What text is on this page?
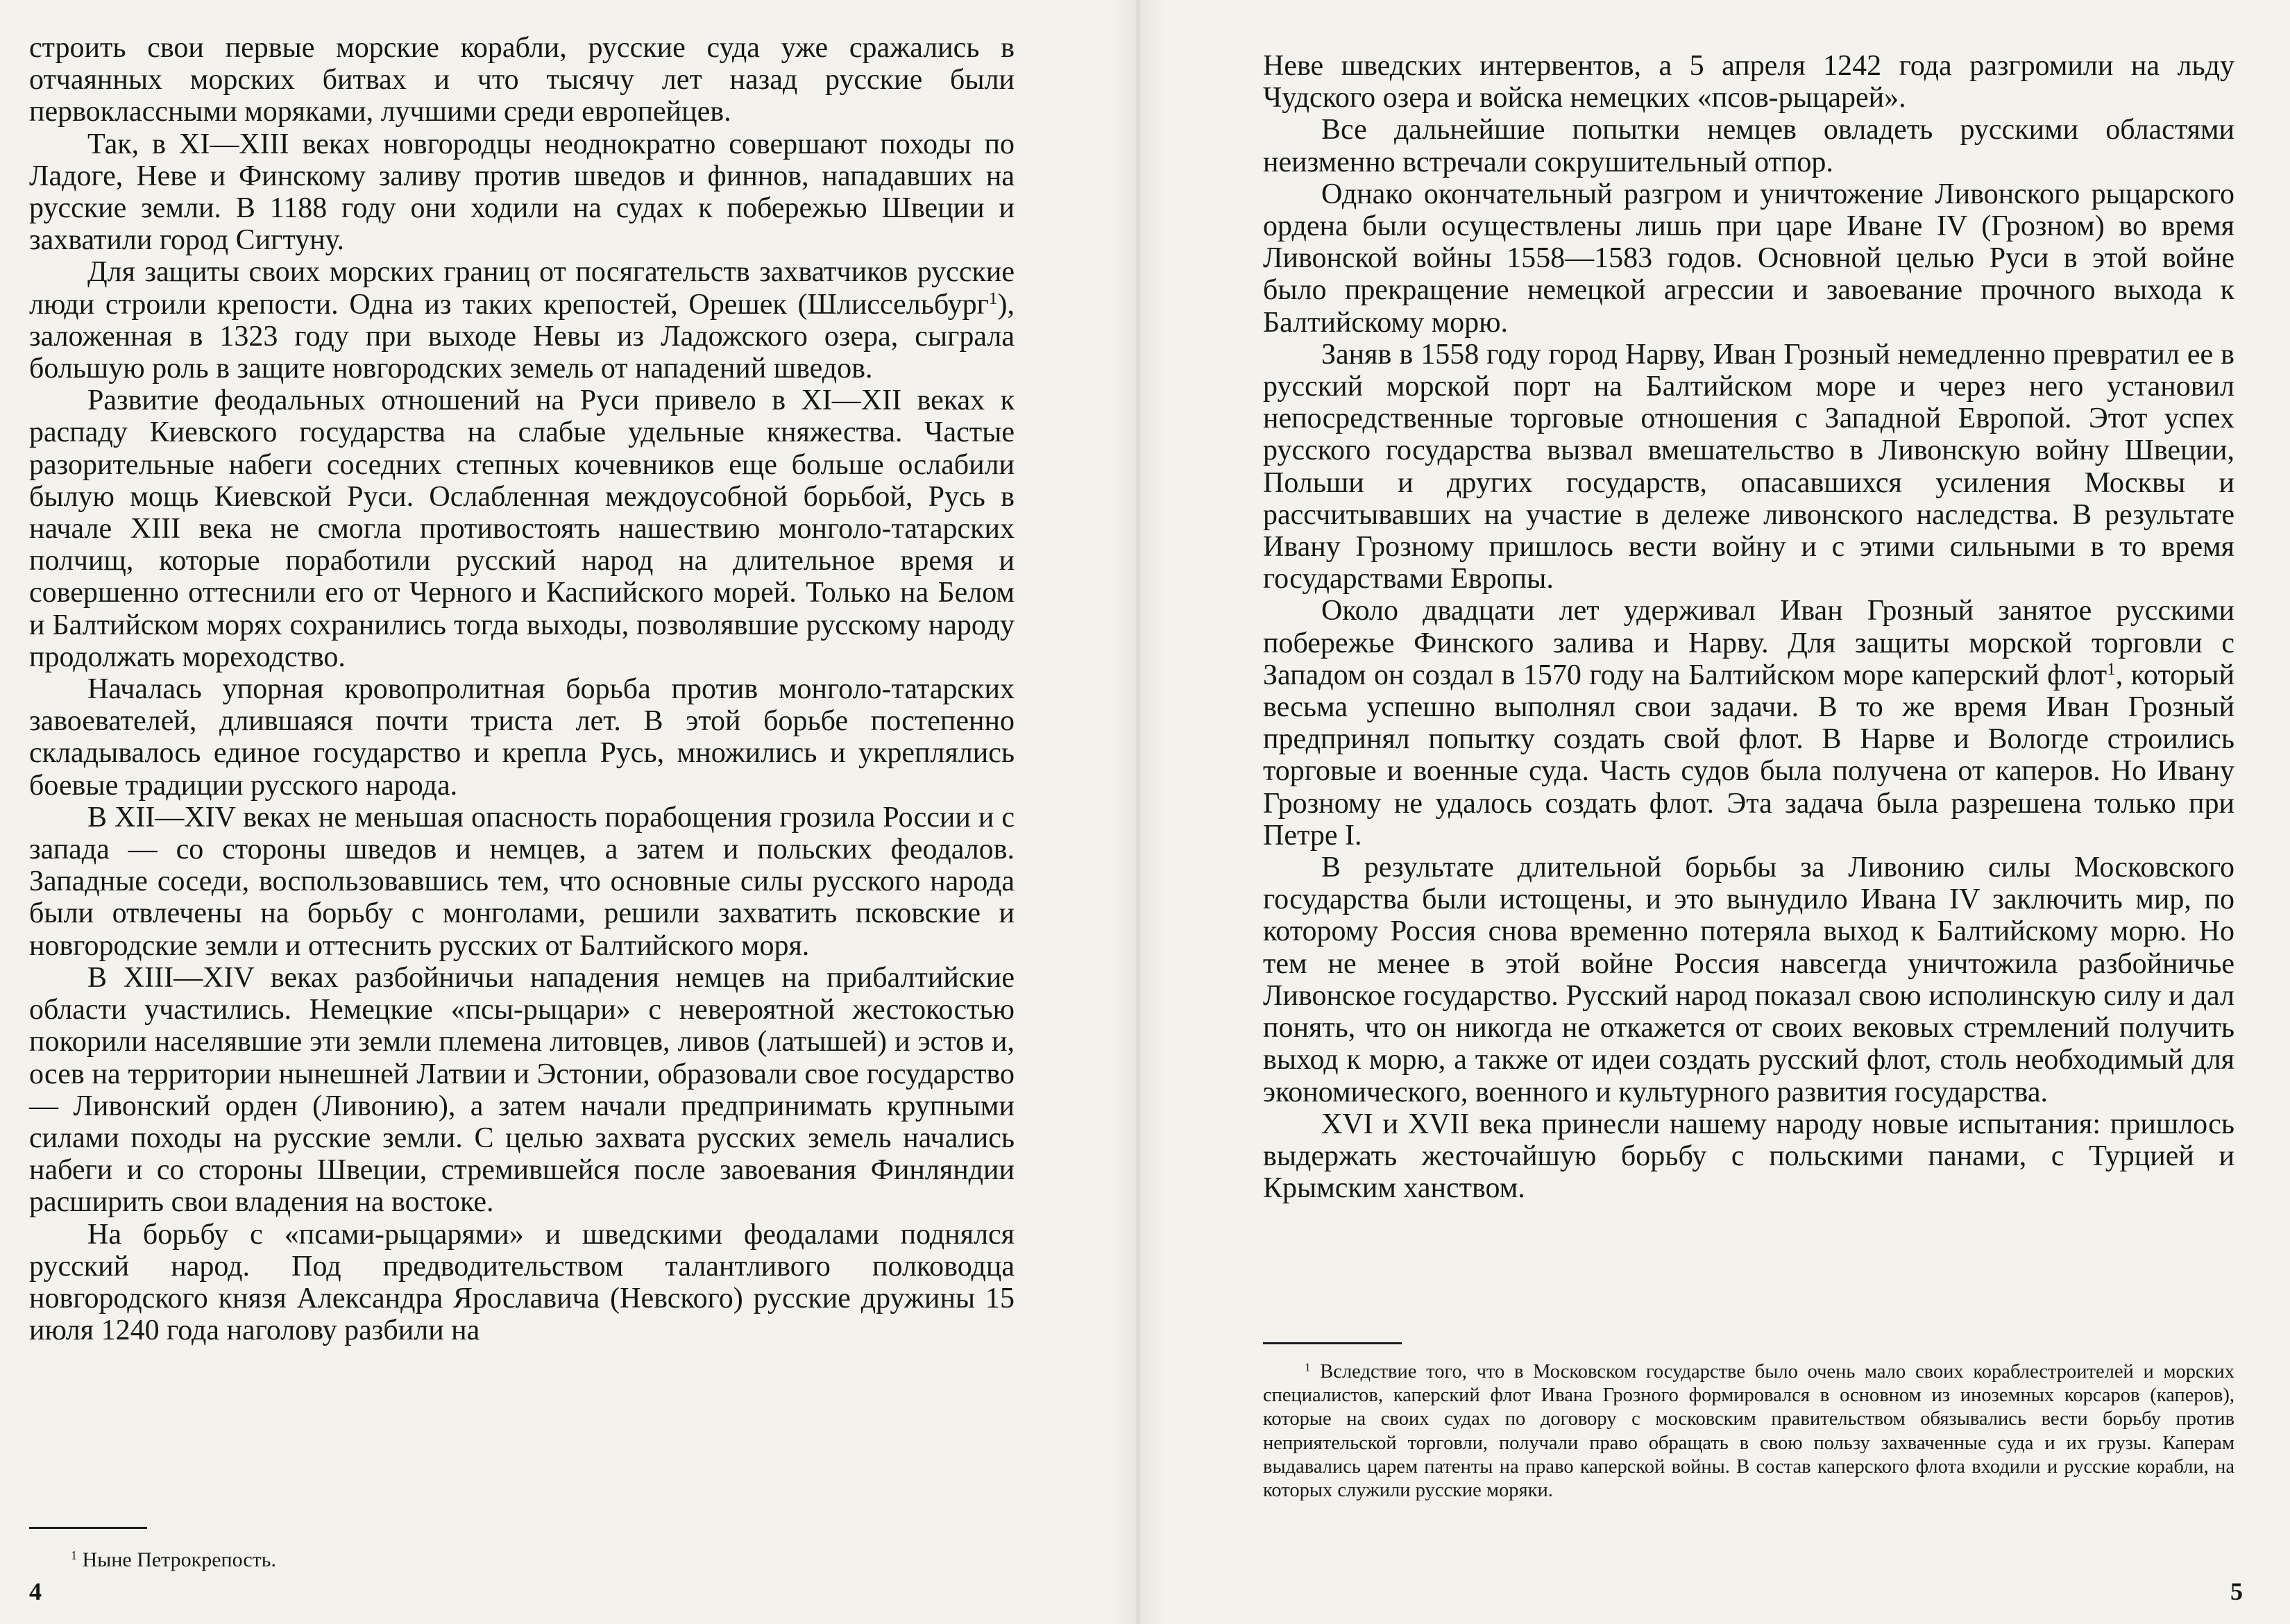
строить свои первые морские корабли, русские суда уже сражались в отчаянных морских битвах и что тысячу лет назад русские были первоклассными моряками, лучшими среди европейцев.

Так, в XI—XIII веках новгородцы неоднократно совершают походы по Ладоге, Неве и Финскому заливу против шведов и финнов, нападавших на русские земли. В 1188 году они ходили на судах к побережью Швеции и захватили город Сигтуну.

Для защиты своих морских границ от посягательств захватчиков русские люди строили крепости. Одна из таких крепостей, Орешек (Шлиссельбург$^1$), заложенная в 1323 году при выходе Невы из Ладожского озера, сыграла большую роль в защите новгородских земель от нападений шведов.

Развитие феодальных отношений на Руси привело в XI—XII веках к распаду Киевского государства на слабые удельные княжества. Частые разорительные набеги соседних степных кочевников еще больше ослабили былую мощь Киевской Руси. Ослабленная междоусобной борьбой, Русь в начале XIII века не смогла противостоять нашествию монголо-татарских полчищ, которые поработили русский народ на длительное время и совершенно оттеснили его от Черного и Каспийского морей. Только на Белом и Балтийском морях сохранились тогда выходы, позволявшие русскому народу продолжать мореходство.

Началась упорная кровопролитная борьба против монголо-татарских завоевателей, длившаяся почти триста лет. В этой борьбе постепенно складывалось единое государство и крепла Русь, множились и укреплялись боевые традиции русского народа.

В XII—XIV веках не меньшая опасность порабощения грозила России и с запада — со стороны шведов и немцев, а затем и польских феодалов. Западные соседи, воспользовавшись тем, что основные силы русского народа были отвлечены на борьбу с монголами, решили захватить псковские и новгородские земли и оттеснить русских от Балтийского моря.

В XIII—XIV веках разбойничьи нападения немцев на прибалтийские области участились. Немецкие «псы-рыцари» с невероятной жестокостью покорили населявшие эти земли племена литовцев, ливов (латышей) и эстов и, осев на территории нынешней Латвии и Эстонии, образовали свое государство — Ливонский орден (Ливонию), а затем начали предпринимать крупными силами походы на русские земли. С целью захвата русских земель начались набеги и со стороны Швеции, стремившейся после завоевания Финляндии расширить свои владения на востоке.

На борьбу с «псами-рыцарями» и шведскими феодалами поднялся русский народ. Под предводительством талантливого полководца новгородского князя Александра Ярославича (Невского) русские дружины 15 июля 1240 года наголову разбили на

$^1$ Ныне Петрокрепость.

4

Неве шведских интервентов, а 5 апреля 1242 года разгромили на льду Чудского озера и войска немецких «псов-рыцарей».

Все дальнейшие попытки немцев овладеть русскими областями неизменно встречали сокрушительный отпор.

Однако окончательный разгром и уничтожение Ливонского рыцарского ордена были осуществлены лишь при царе Иване IV (Грозном) во время Ливонской войны 1558—1583 годов. Основной целью Руси в этой войне было прекращение немецкой агрессии и завоевание прочного выхода к Балтийскому морю.

Заняв в 1558 году город Нарву, Иван Грозный немедленно превратил ее в русский морской порт на Балтийском море и через него установил непосредственные торговые отношения с Западной Европой. Этот успех русского государства вызвал вмешательство в Ливонскую войну Швеции, Польши и других государств, опасавшихся усиления Москвы и рассчитывавших на участие в дележе ливонского наследства. В результате Ивану Грозному пришлось вести войну и с этими сильными в то время государствами Европы.

Около двадцати лет удерживал Иван Грозный занятое русскими побережье Финского залива и Нарву. Для защиты морской торговли с Западом он создал в 1570 году на Балтийском море каперский флот$^1$, который весьма успешно выполнял свои задачи. В то же время Иван Грозный предпринял попытку создать свой флот. В Нарве и Вологде строились торговые и военные суда. Часть судов была получена от каперов. Но Ивану Грозному не удалось создать флот. Эта задача была разрешена только при Петре I.

В результате длительной борьбы за Ливонию силы Московского государства были истощены, и это вынудило Ивана IV заключить мир, по которому Россия снова временно потеряла выход к Балтийскому морю. Но тем не менее в этой войне Россия навсегда уничтожила разбойничье Ливонское государство. Русский народ показал свою исполинскую силу и дал понять, что он никогда не откажется от своих вековых стремлений получить выход к морю, а также от идеи создать русский флот, столь необходимый для экономического, военного и культурного развития государства.

XVI и XVII века принесли нашему народу новые испытания: пришлось выдержать жесточайшую борьбу с польскими панами, с Турцией и Крымским ханством.

$^1$ Вследствие того, что в Московском государстве было очень мало своих кораблестроителей и морских специалистов, каперский флот Ивана Грозного формировался в основном из иноземных корсаров (каперов), которые на своих судах по договору с московским правительством обязывались вести борьбу против неприятельской торговли, получали право обращать в свою пользу захваченные суда и их грузы. Каперам выдавались царем патенты на право каперской войны. В состав каперского флота входили и русские корабли, на которых служили русские моряки.

5
